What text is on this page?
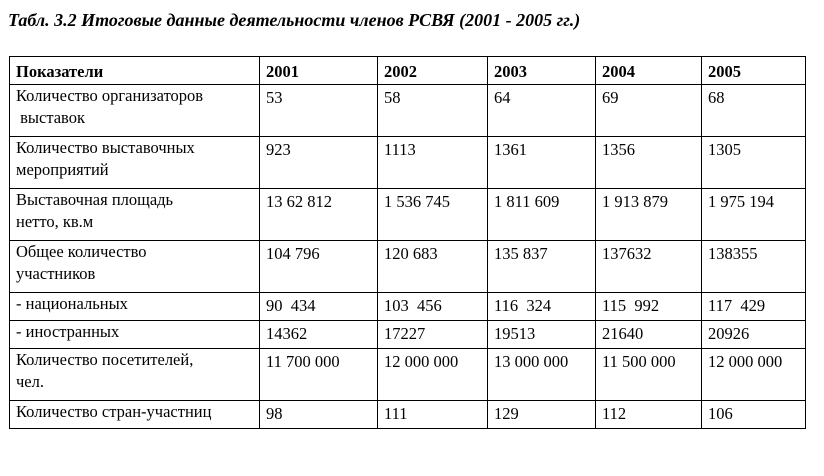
Табл. 3.2 Итоговые данные деятельности членов РСВЯ (2001 - 2005 гг.)
Показатели	2001	2002	2003	2004	2005

Количество организаторов
выставок	53	58	64	69	68

Количество выставочных
мероприятий	923	1113	1361	1356	1305

Выставочная площадь
нетто, кв.м	13 62 812	1 536 745	1 811 609	1 913 879	1 975 194

Общее количество
участников	104 796	120 683	135 837	137632	138355

- национальных	90  434	103  456	116  324	115  992	117  429

- иностранных	14362	17227	19513	21640	20926

Количество посетителей,
чел.	11 700 000	12 000 000	13 000 000	11 500 000	12 000 000

Количество стран-участниц	98	111	129	112	106
